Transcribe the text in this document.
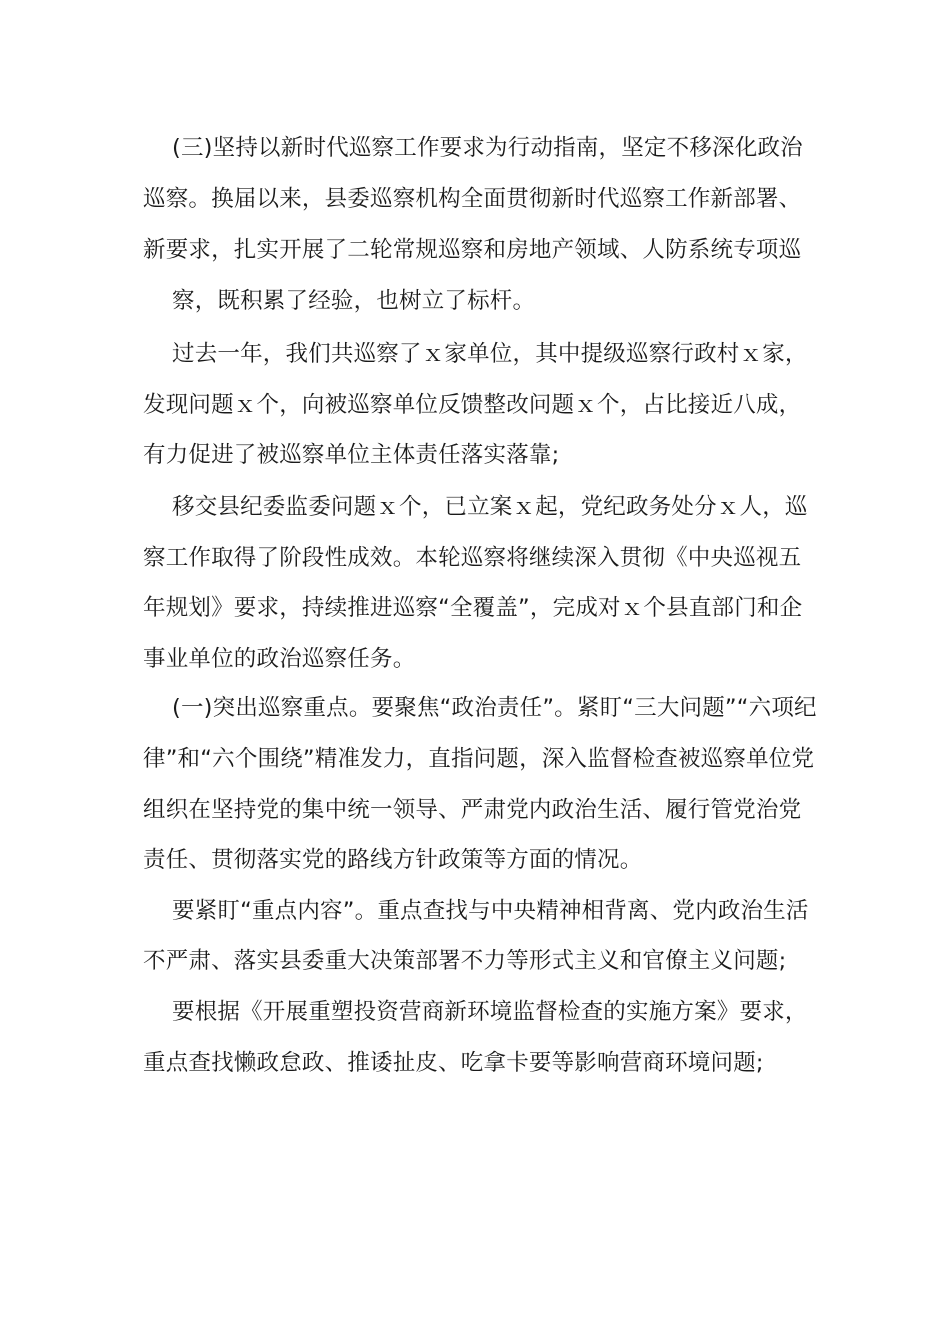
(三)坚持以新时代巡察工作要求为行动指南，坚定不移深化政治

巡察。换届以来，县委巡察机构全面贯彻新时代巡察工作新部署、

新要求，扎实开展了二轮常规巡察和房地产领域、人防系统专项巡

察，既积累了经验，也树立了标杆。

过去一年，我们共巡察了ｘ家单位，其中提级巡察行政村ｘ家，

发现问题ｘ个，向被巡察单位反馈整改问题ｘ个，占比接近八成，

有力促进了被巡察单位主体责任落实落靠;

移交县纪委监委问题ｘ个，已立案ｘ起，党纪政务处分ｘ人，巡

察工作取得了阶段性成效。本轮巡察将继续深入贯彻《中央巡视五

年规划》要求，持续推进巡察“全覆盖”，完成对ｘ个县直部门和企

事业单位的政治巡察任务。

(一)突出巡察重点。要聚焦“政治责任”。紧盯“三大问题”“六项纪

律”和“六个围绕”精准发力，直指问题，深入监督检查被巡察单位党

组织在坚持党的集中统一领导、严肃党内政治生活、履行管党治党

责任、贯彻落实党的路线方针政策等方面的情况。

要紧盯“重点内容”。重点查找与中央精神相背离、党内政治生活

不严肃、落实县委重大决策部署不力等形式主义和官僚主义问题;

要根据《开展重塑投资营商新环境监督检查的实施方案》要求，

重点查找懒政怠政、推诿扯皮、吃拿卡要等影响营商环境问题;
